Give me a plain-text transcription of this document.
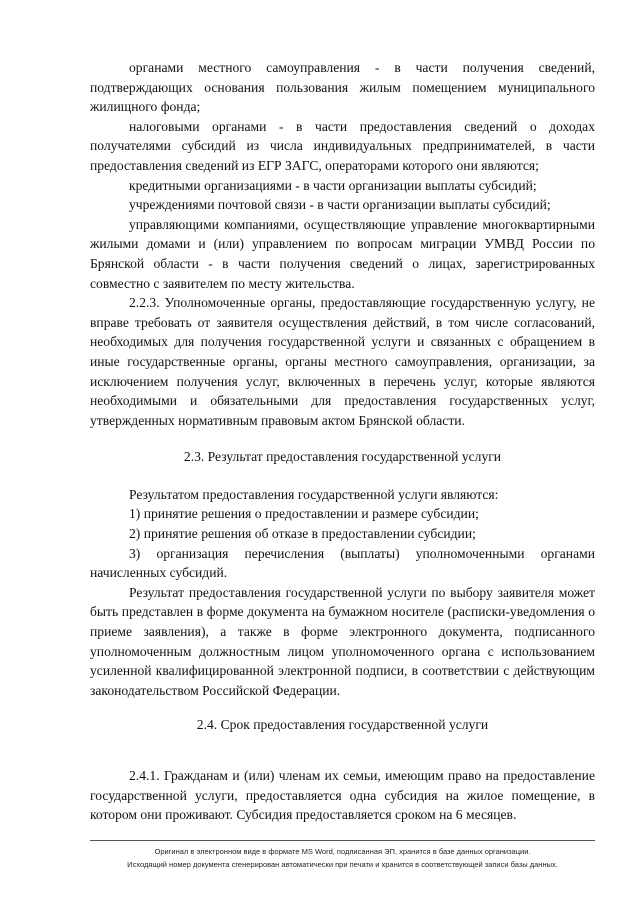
органами местного самоуправления - в части получения сведений, подтверждающих основания пользования жилым помещением муниципального жилищного фонда;

налоговыми органами - в части предоставления сведений о доходах получателями субсидий из числа индивидуальных предпринимателей, в части предоставления сведений из ЕГР ЗАГС, операторами которого они являются;

кредитными организациями - в части организации выплаты субсидий;

учреждениями почтовой связи - в части организации выплаты субсидий;

управляющими компаниями, осуществляющие управление многоквартирными жилыми домами и (или) управлением по вопросам миграции УМВД России по Брянской области - в части получения сведений о лицах, зарегистрированных совместно с заявителем по месту жительства.

2.2.3. Уполномоченные органы, предоставляющие государственную услугу, не вправе требовать от заявителя осуществления действий, в том числе согласований, необходимых для получения государственной услуги и связанных с обращением в иные государственные органы, органы местного самоуправления, организации, за исключением получения услуг, включенных в перечень услуг, которые являются необходимыми и обязательными для предоставления государственных услуг, утвержденных нормативным правовым актом Брянской области.

2.3. Результат предоставления государственной услуги

Результатом предоставления государственной услуги являются:

1) принятие решения о предоставлении и размере субсидии;

2) принятие решения об отказе в предоставлении субсидии;

3) организация перечисления (выплаты) уполномоченными органами начисленных субсидий.

Результат предоставления государственной услуги по выбору заявителя может быть представлен в форме документа на бумажном носителе (расписки-уведомления о приеме заявления), а также в форме электронного документа, подписанного уполномоченным должностным лицом уполномоченного органа с использованием усиленной квалифицированной электронной подписи, в соответствии с действующим законодательством Российской Федерации.

2.4. Срок предоставления государственной услуги

2.4.1. Гражданам и (или) членам их семьи, имеющим право на предоставление государственной услуги, предоставляется одна субсидия на жилое помещение, в котором они проживают. Субсидия предоставляется сроком на 6 месяцев.

Оригинал в электронном виде в формате MS Word, подписанная ЭП, хранится в базе данных организации.
Исходящий номер документа сгенерирован автоматически при печати и хранится в соответствующей записи базы данных.
